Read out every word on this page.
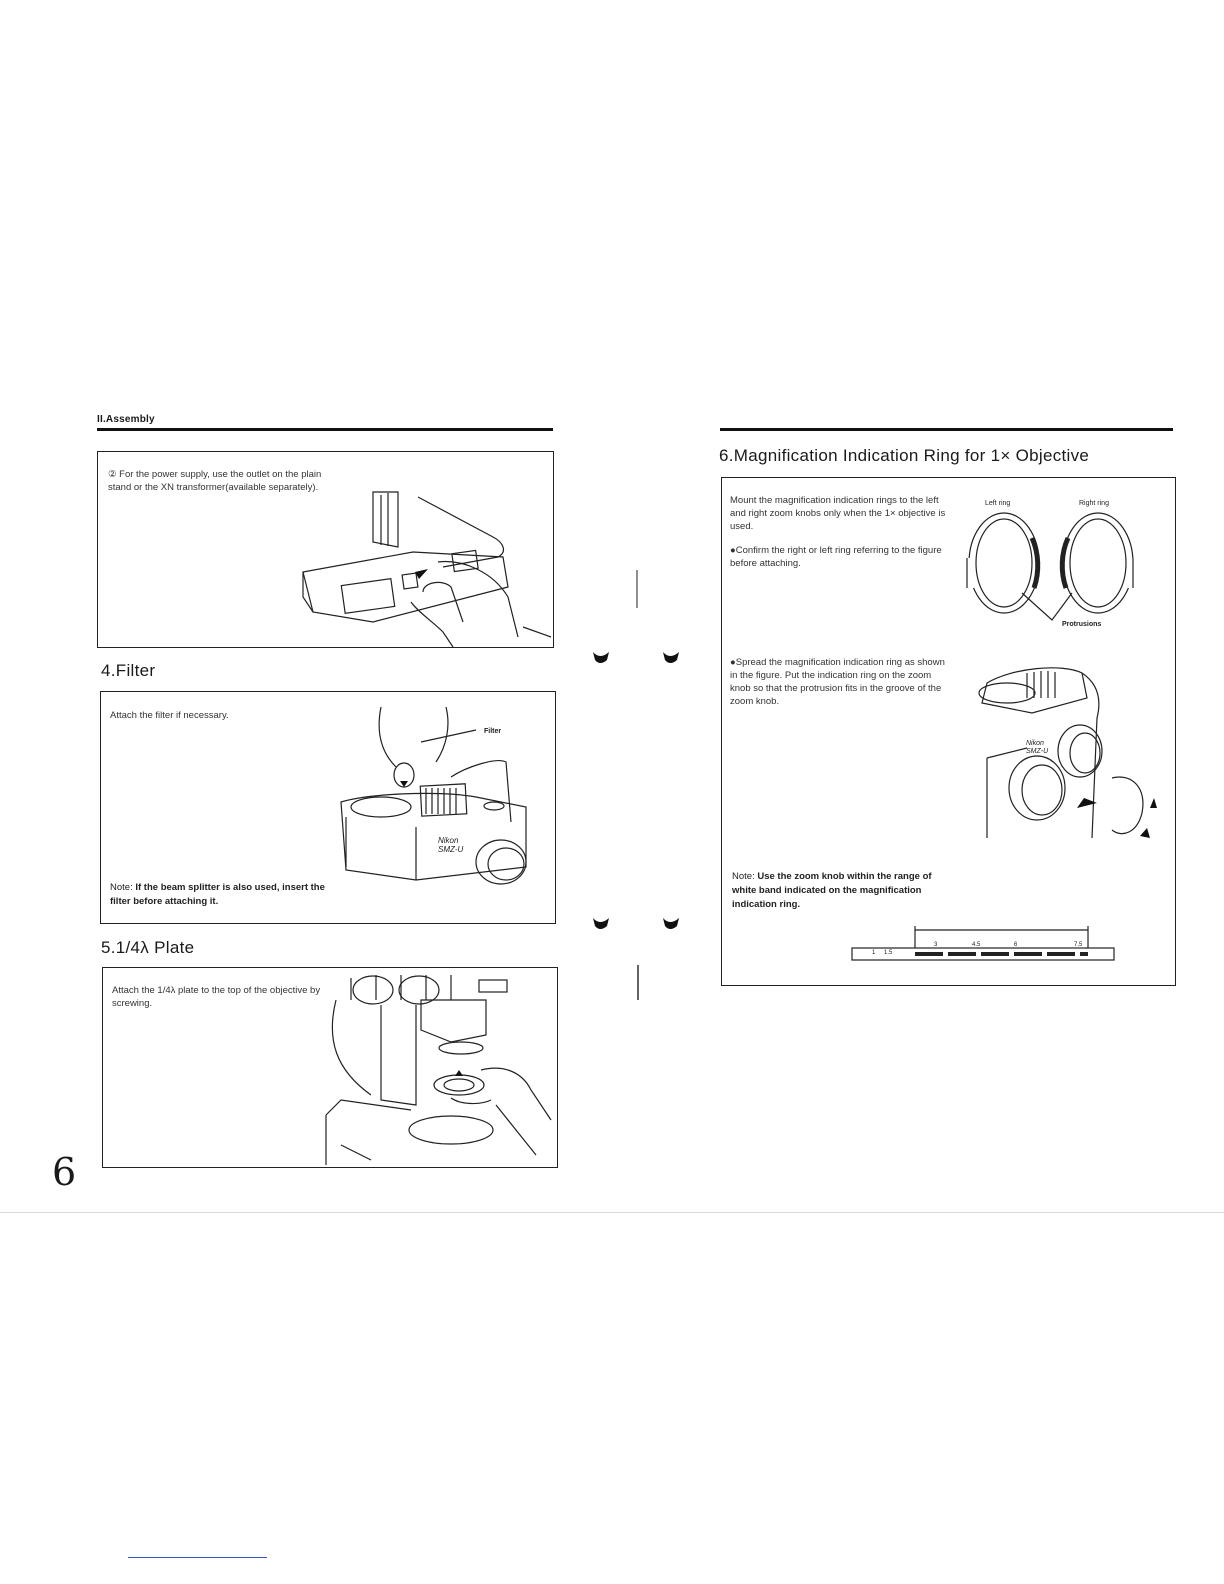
II.Assembly
② For the power supply, use the outlet on the plain stand or the XN transformer(available separately).
4.Filter
Attach the filter if necessary.
Filter
Nikon SMZ-U
Note: If the beam splitter is also used, insert the filter before attaching it.
5.1/4λ Plate
Attach the 1/4λ plate to the top of the objective by screwing.
6
6.Magnification Indication Ring for 1× Objective
Mount the magnification indication rings to the left and right zoom knobs only when the 1× objective is used.
●Confirm the right or left ring referring to the figure before attaching.
Left ring	Right ring
Protrusions
●Spread the magnification indication ring as shown in the figure. Put the indication ring on the zoom knob so that the protrusion fits in the groove of the zoom knob.
Nikon SMZ-U
Note: Use the zoom knob within the range of white band indicated on the magnification indication ring.
1 1.5
3	4.5	6	7.5
